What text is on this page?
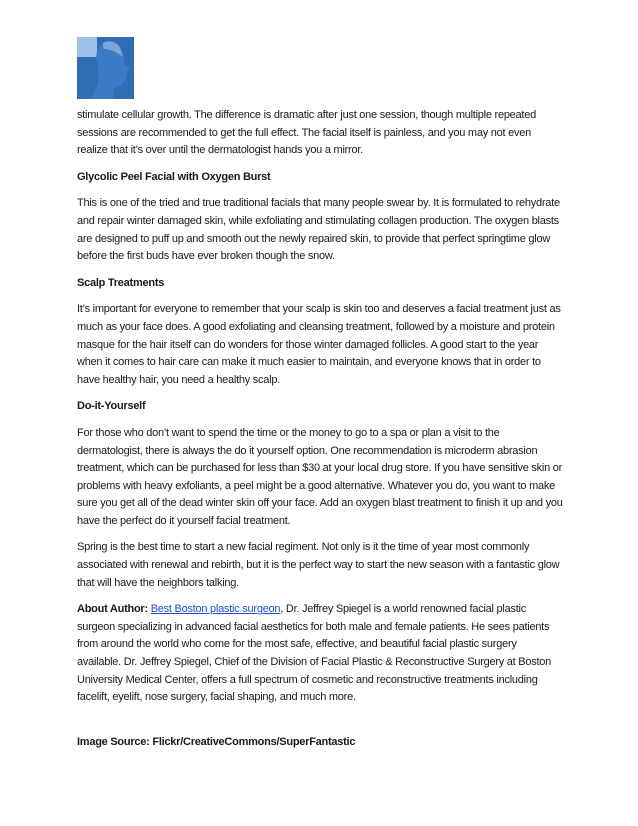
stimulate cellular growth. The difference is dramatic after just one session, though multiple repeated sessions are recommended to get the full effect. The facial itself is painless, and you may not even realize that it’s over until the dermatologist hands you a mirror.

Glycolic Peel Facial with Oxygen Burst

This is one of the tried and true traditional facials that many people swear by. It is formulated to rehydrate and repair winter damaged skin, while exfoliating and stimulating collagen production. The oxygen blasts are designed to puff up and smooth out the newly repaired skin, to provide that perfect springtime glow before the first buds have ever broken though the snow.

Scalp Treatments

It’s important for everyone to remember that your scalp is skin too and deserves a facial treatment just as much as your face does. A good exfoliating and cleansing treatment, followed by a moisture and protein masque for the hair itself can do wonders for those winter damaged follicles. A good start to the year when it comes to hair care can make it much easier to maintain, and everyone knows that in order to have healthy hair, you need a healthy scalp.

Do-it-Yourself

For those who don’t want to spend the time or the money to go to a spa or plan a visit to the dermatologist, there is always the do it yourself option. One recommendation is microderm abrasion treatment, which can be purchased for less than $30 at your local drug store. If you have sensitive skin or problems with heavy exfoliants, a peel might be a good alternative. Whatever you do, you want to make sure you get all of the dead winter skin off your face. Add an oxygen blast treatment to finish it up and you have the perfect do it yourself facial treatment.

Spring is the best time to start a new facial regiment. Not only is it the time of year most commonly associated with renewal and rebirth, but it is the perfect way to start the new season with a fantastic glow that will have the neighbors talking.

About Author: Best Boston plastic surgeon, Dr. Jeffrey Spiegel is a world renowned facial plastic surgeon specializing in advanced facial aesthetics for both male and female patients. He sees patients from around the world who come for the most safe, effective, and beautiful facial plastic surgery available. Dr. Jeffrey Spiegel, Chief of the Division of Facial Plastic & Reconstructive Surgery at Boston University Medical Center, offers a full spectrum of cosmetic and reconstructive treatments including facelift, eyelift, nose surgery, facial shaping, and much more.

Image Source: Flickr/CreativeCommons/SuperFantastic
